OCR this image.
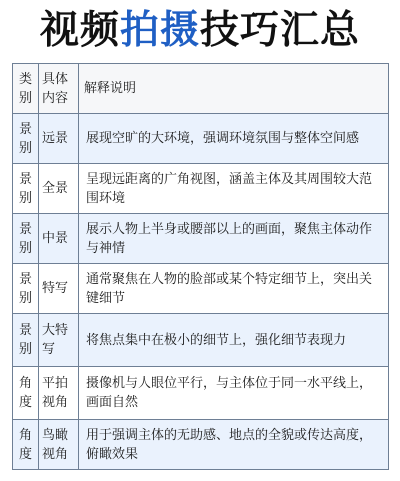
视频拍摄技巧汇总
类别	具体内容	解释说明
景别	远景	展现空旷的大环境，强调环境氛围与整体空间感
景别	全景	呈现远距离的广角视图，涵盖主体及其周围较大范围环境
景别	中景	展示人物上半身或腰部以上的画面，聚焦主体动作与神情
景别	特写	通常聚焦在人物的脸部或某个特定细节上，突出关键细节
景别	大特写	将焦点集中在极小的细节上，强化细节表现力
角度	平拍视角	摄像机与人眼位平行，与主体位于同一水平线上，画面自然
角度	鸟瞰视角	用于强调主体的无助感、地点的全貌或传达高度，俯瞰效果
